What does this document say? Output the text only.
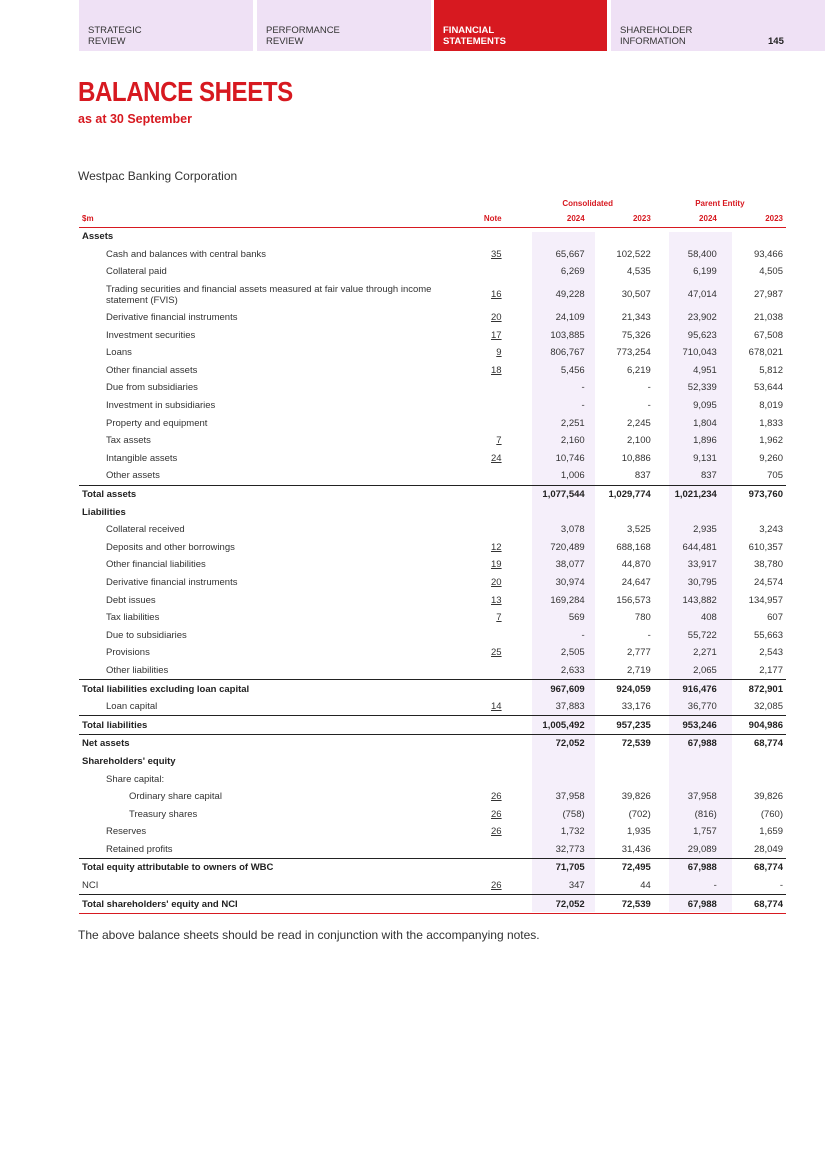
STRATEGIC
REVIEW
PERFORMANCE
REVIEW
FINANCIAL
STATEMENTS
SHAREHOLDER
INFORMATION	145
BALANCE SHEETS
as at 30 September
Westpac Banking Corporation
		Consolidated		Parent Entity	
$m	Note	2024	2023	2024	2023
Assets					
Cash and balances with central banks	35	65,667	102,522	58,400	93,466
Collateral paid		6,269	4,535	6,199	4,505
Trading securities and financial assets measured at fair value through income statement (FVIS)	16	49,228	30,507	47,014	27,987
Derivative financial instruments	20	24,109	21,343	23,902	21,038
Investment securities	17	103,885	75,326	95,623	67,508
Loans	9	806,767	773,254	710,043	678,021
Other financial assets	18	5,456	6,219	4,951	5,812
Due from subsidiaries		-	-	52,339	53,644
Investment in subsidiaries		-	-	9,095	8,019
Property and equipment		2,251	2,245	1,804	1,833
Tax assets	7	2,160	2,100	1,896	1,962
Intangible assets	24	10,746	10,886	9,131	9,260
Other assets		1,006	837	837	705
Total assets		1,077,544	1,029,774	1,021,234	973,760
Liabilities					
Collateral received		3,078	3,525	2,935	3,243
Deposits and other borrowings	12	720,489	688,168	644,481	610,357
Other financial liabilities	19	38,077	44,870	33,917	38,780
Derivative financial instruments	20	30,974	24,647	30,795	24,574
Debt issues	13	169,284	156,573	143,882	134,957
Tax liabilities	7	569	780	408	607
Due to subsidiaries		-	-	55,722	55,663
Provisions	25	2,505	2,777	2,271	2,543
Other liabilities		2,633	2,719	2,065	2,177
Total liabilities excluding loan capital		967,609	924,059	916,476	872,901
Loan capital	14	37,883	33,176	36,770	32,085
Total liabilities		1,005,492	957,235	953,246	904,986
Net assets		72,052	72,539	67,988	68,774
Shareholders' equity					
Share capital:					
Ordinary share capital	26	37,958	39,826	37,958	39,826
Treasury shares	26	(758)	(702)	(816)	(760)
Reserves	26	1,732	1,935	1,757	1,659
Retained profits		32,773	31,436	29,089	28,049
Total equity attributable to owners of WBC		71,705	72,495	67,988	68,774
NCI	26	347	44	-	-
Total shareholders' equity and NCI		72,052	72,539	67,988	68,774
The above balance sheets should be read in conjunction with the accompanying notes.
